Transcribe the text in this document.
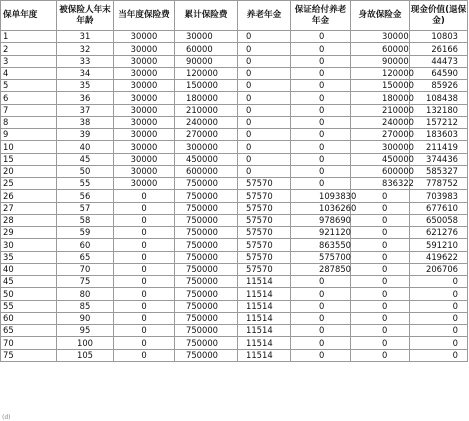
保单年度	被保险人年末年龄	当年度保险费	累计保险费	养老年金	保证给付养老年金	身故保险金	现金价值(退保金)
1	31	30000	30000	0	0	30000	10803
2	32	30000	60000	0	0	60000	26166
3	33	30000	90000	0	0	90000	44473
4	34	30000	120000	0	0	120000	64590
5	35	30000	150000	0	0	150000	85926
6	36	30000	180000	0	0	180000	108438
7	37	30000	210000	0	0	210000	132180
8	38	30000	240000	0	0	240000	157212
9	39	30000	270000	0	0	270000	183603
10	40	30000	300000	0	0	300000	211419
15	45	30000	450000	0	0	450000	374436
20	50	30000	600000	0	0	600000	585327
25	55	30000	750000	57570	0	836322	778752
26	56	0	750000	57570	1093830	0	703983
27	57	0	750000	57570	1036260	0	677610
28	58	0	750000	57570	978690	0	650058
29	59	0	750000	57570	921120	0	621276
30	60	0	750000	57570	863550	0	591210
35	65	0	750000	57570	575700	0	419622
40	70	0	750000	57570	287850	0	206706
45	75	0	750000	11514	0	0	0
50	80	0	750000	11514	0	0	0
55	85	0	750000	11514	0	0	0
60	90	0	750000	11514	0	0	0
65	95	0	750000	11514	0	0	0
70	100	0	750000	11514	0	0	0
75	105	0	750000	11514	0	0	0
(d)
